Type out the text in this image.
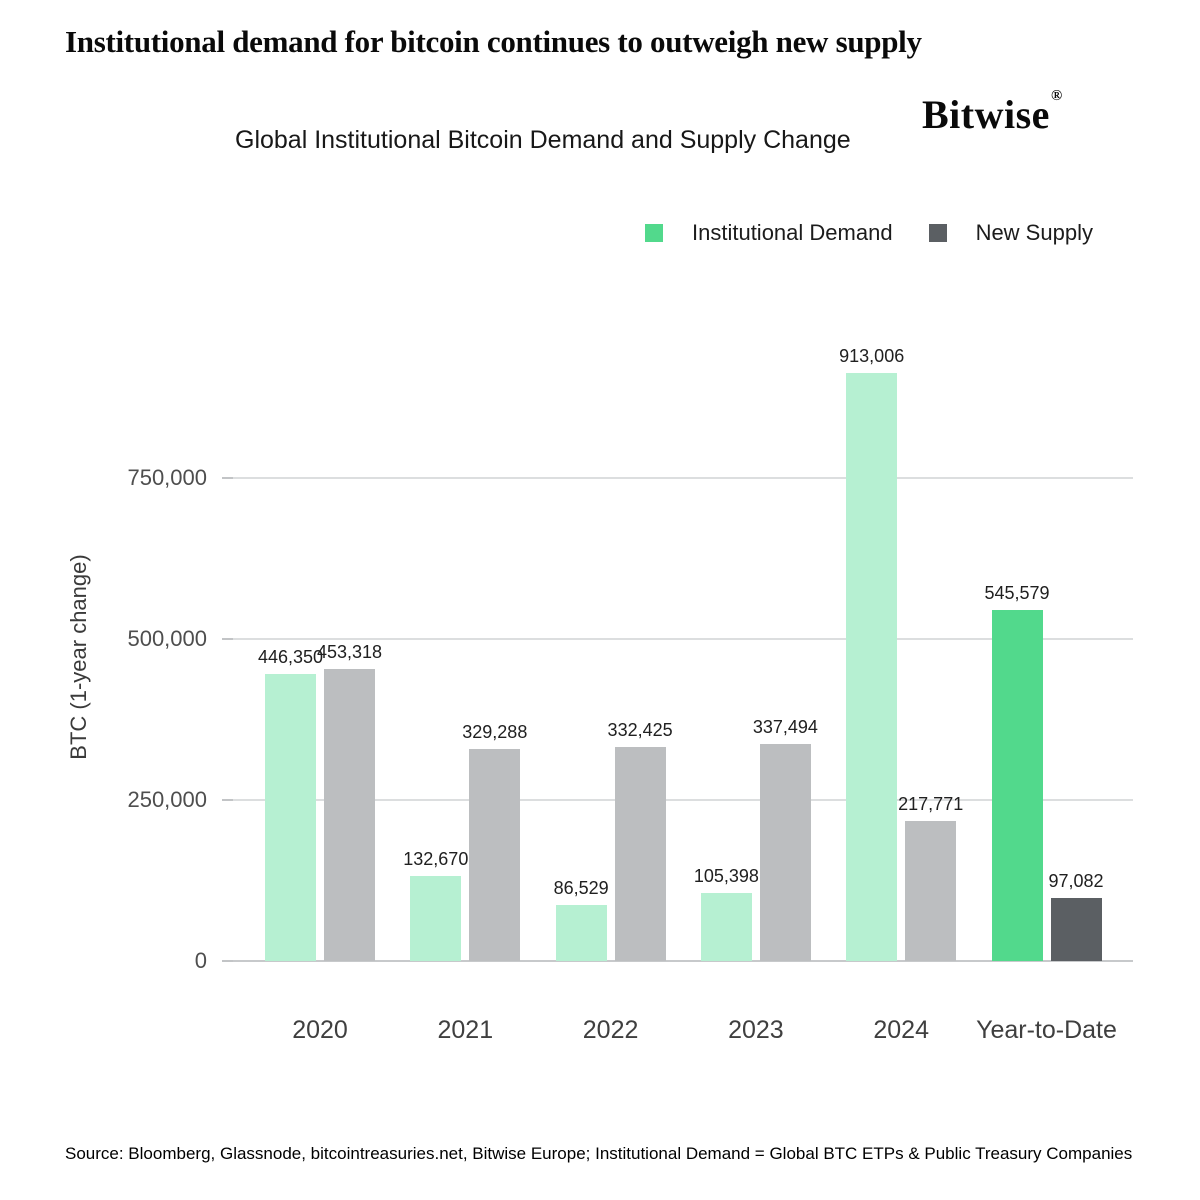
Institutional demand for bitcoin continues to outweigh new supply
Global Institutional Bitcoin Demand and Supply Change
Bitwise®
Institutional Demand	New Supply
BTC (1-year change)
0
250,000
500,000
750,000
446,350
453,318
2020
132,670
329,288
2021
86,529
332,425
2022
105,398
337,494
2023
913,006
217,771
2024
545,579
97,082
Year-to-Date
Source: Bloomberg, Glassnode, bitcointreasuries.net, Bitwise Europe; Institutional Demand = Global BTC ETPs & Public Treasury Companies
